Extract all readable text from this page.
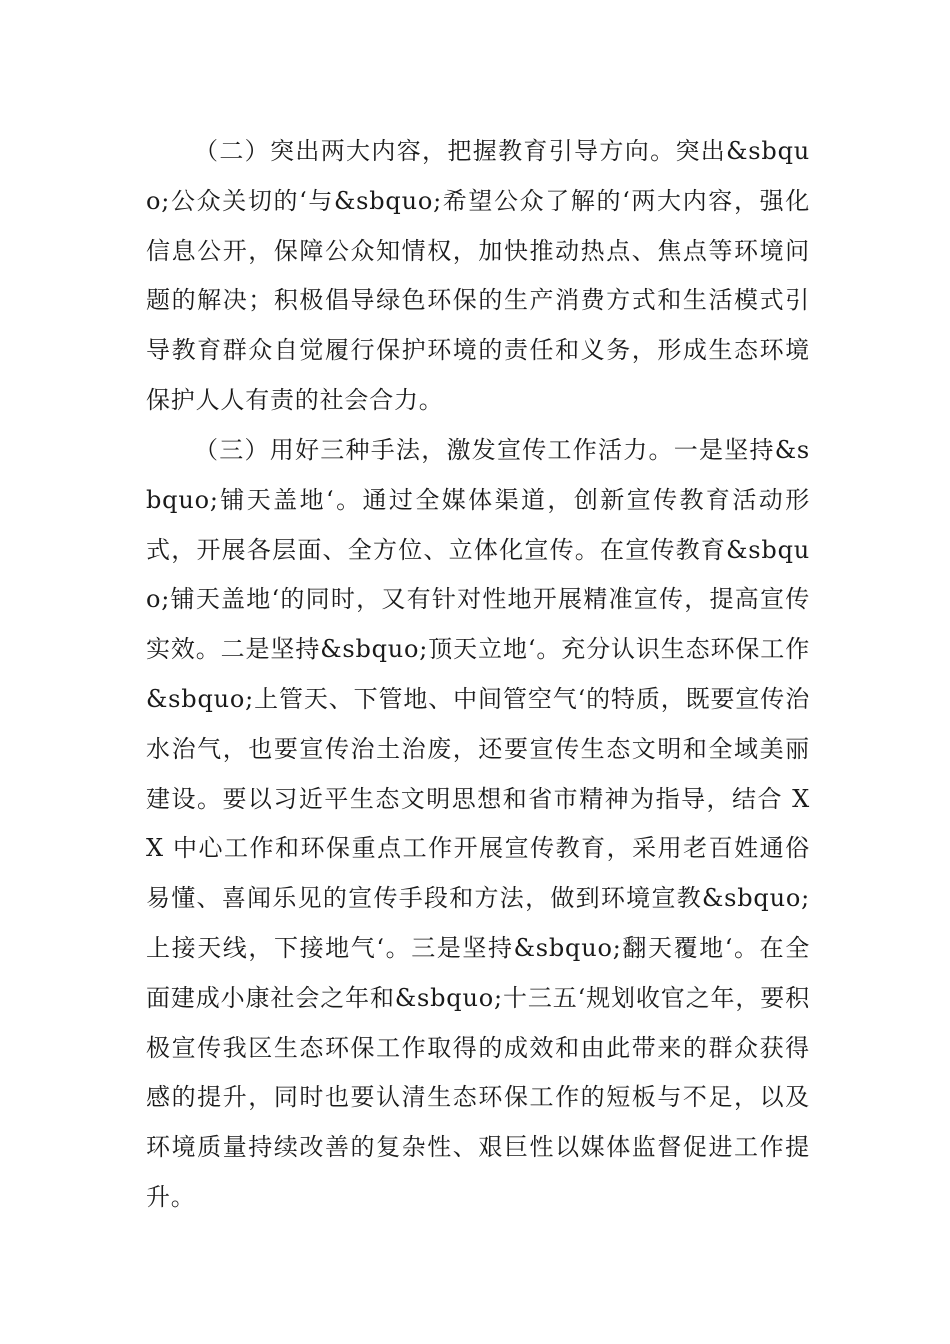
（二）突出两大内容，把握教育引导方向。突出&sbquo;公众关切的‘与&sbquo;希望公众了解的‘两大内容，强化信息公开，保障公众知情权，加快推动热点、焦点等环境问题的解决；积极倡导绿色环保的生产消费方式和生活模式引导教育群众自觉履行保护环境的责任和义务，形成生态环境保护人人有责的社会合力。

（三）用好三种手法，激发宣传工作活力。一是坚持&sbquo;铺天盖地‘。通过全媒体渠道，创新宣传教育活动形式，开展各层面、全方位、立体化宣传。在宣传教育&sbquo;铺天盖地‘的同时，又有针对性地开展精准宣传，提高宣传实效。二是坚持&sbquo;顶天立地‘。充分认识生态环保工作&sbquo;上管天、下管地、中间管空气‘的特质，既要宣传治水治气，也要宣传治土治废，还要宣传生态文明和全域美丽建设。要以习近平生态文明思想和省市精神为指导，结合 XX 中心工作和环保重点工作开展宣传教育，采用老百姓通俗易懂、喜闻乐见的宣传手段和方法，做到环境宣教&sbquo;上接天线，下接地气‘。三是坚持&sbquo;翻天覆地‘。在全面建成小康社会之年和&sbquo;十三五‘规划收官之年，要积极宣传我区生态环保工作取得的成效和由此带来的群众获得感的提升，同时也要认清生态环保工作的短板与不足，以及环境质量持续改善的复杂性、艰巨性以媒体监督促进工作提升。
